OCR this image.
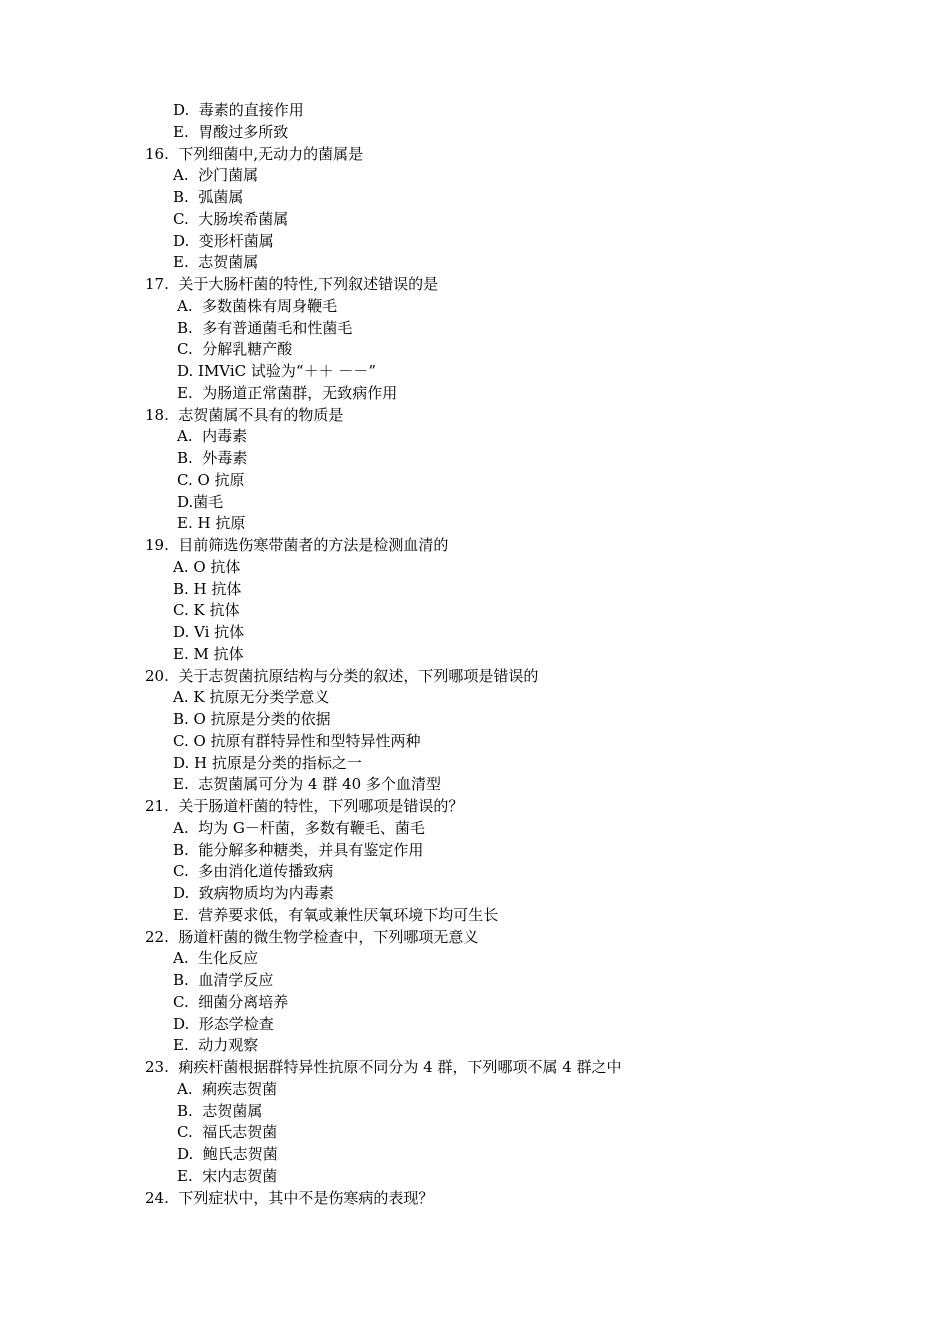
D.  毒素的直接作用
E.  胃酸过多所致
16.  下列细菌中,无动力的菌属是
A.  沙门菌属
B.  弧菌属
C.  大肠埃希菌属
D.  变形杆菌属
E.  志贺菌属
17.  关于大肠杆菌的特性,下列叙述错误的是
A.  多数菌株有周身鞭毛
B.  多有普通菌毛和性菌毛
C.  分解乳糖产酸
D. IMViC 试验为“＋＋ －－”
E.  为肠道正常菌群，无致病作用
18.  志贺菌属不具有的物质是
A.  内毒素
B.  外毒素
C. O 抗原
D.菌毛
E. H 抗原
19.  目前筛选伤寒带菌者的方法是检测血清的
A. O 抗体
B. H 抗体
C. K 抗体
D. Vi 抗体
E. M 抗体
20.  关于志贺菌抗原结构与分类的叙述，下列哪项是错误的
A. K 抗原无分类学意义
B. O 抗原是分类的依据
C. O 抗原有群特异性和型特异性两种
D. H 抗原是分类的指标之一
E.  志贺菌属可分为 4 群 40 多个血清型
21.  关于肠道杆菌的特性，下列哪项是错误的？
A.  均为 G－杆菌，多数有鞭毛、菌毛
B.  能分解多种糖类，并具有鉴定作用
C.  多由消化道传播致病
D.  致病物质均为内毒素
E.  营养要求低，有氧或兼性厌氧环境下均可生长
22.  肠道杆菌的微生物学检查中，下列哪项无意义
A.  生化反应
B.  血清学反应
C.  细菌分离培养
D.  形态学检查
E.  动力观察
23.  痢疾杆菌根据群特异性抗原不同分为 4 群，下列哪项不属 4 群之中
A.  痢疾志贺菌
B.  志贺菌属
C.  福氏志贺菌
D.  鲍氏志贺菌
E.  宋内志贺菌
24.  下列症状中，其中不是伤寒病的表现？
